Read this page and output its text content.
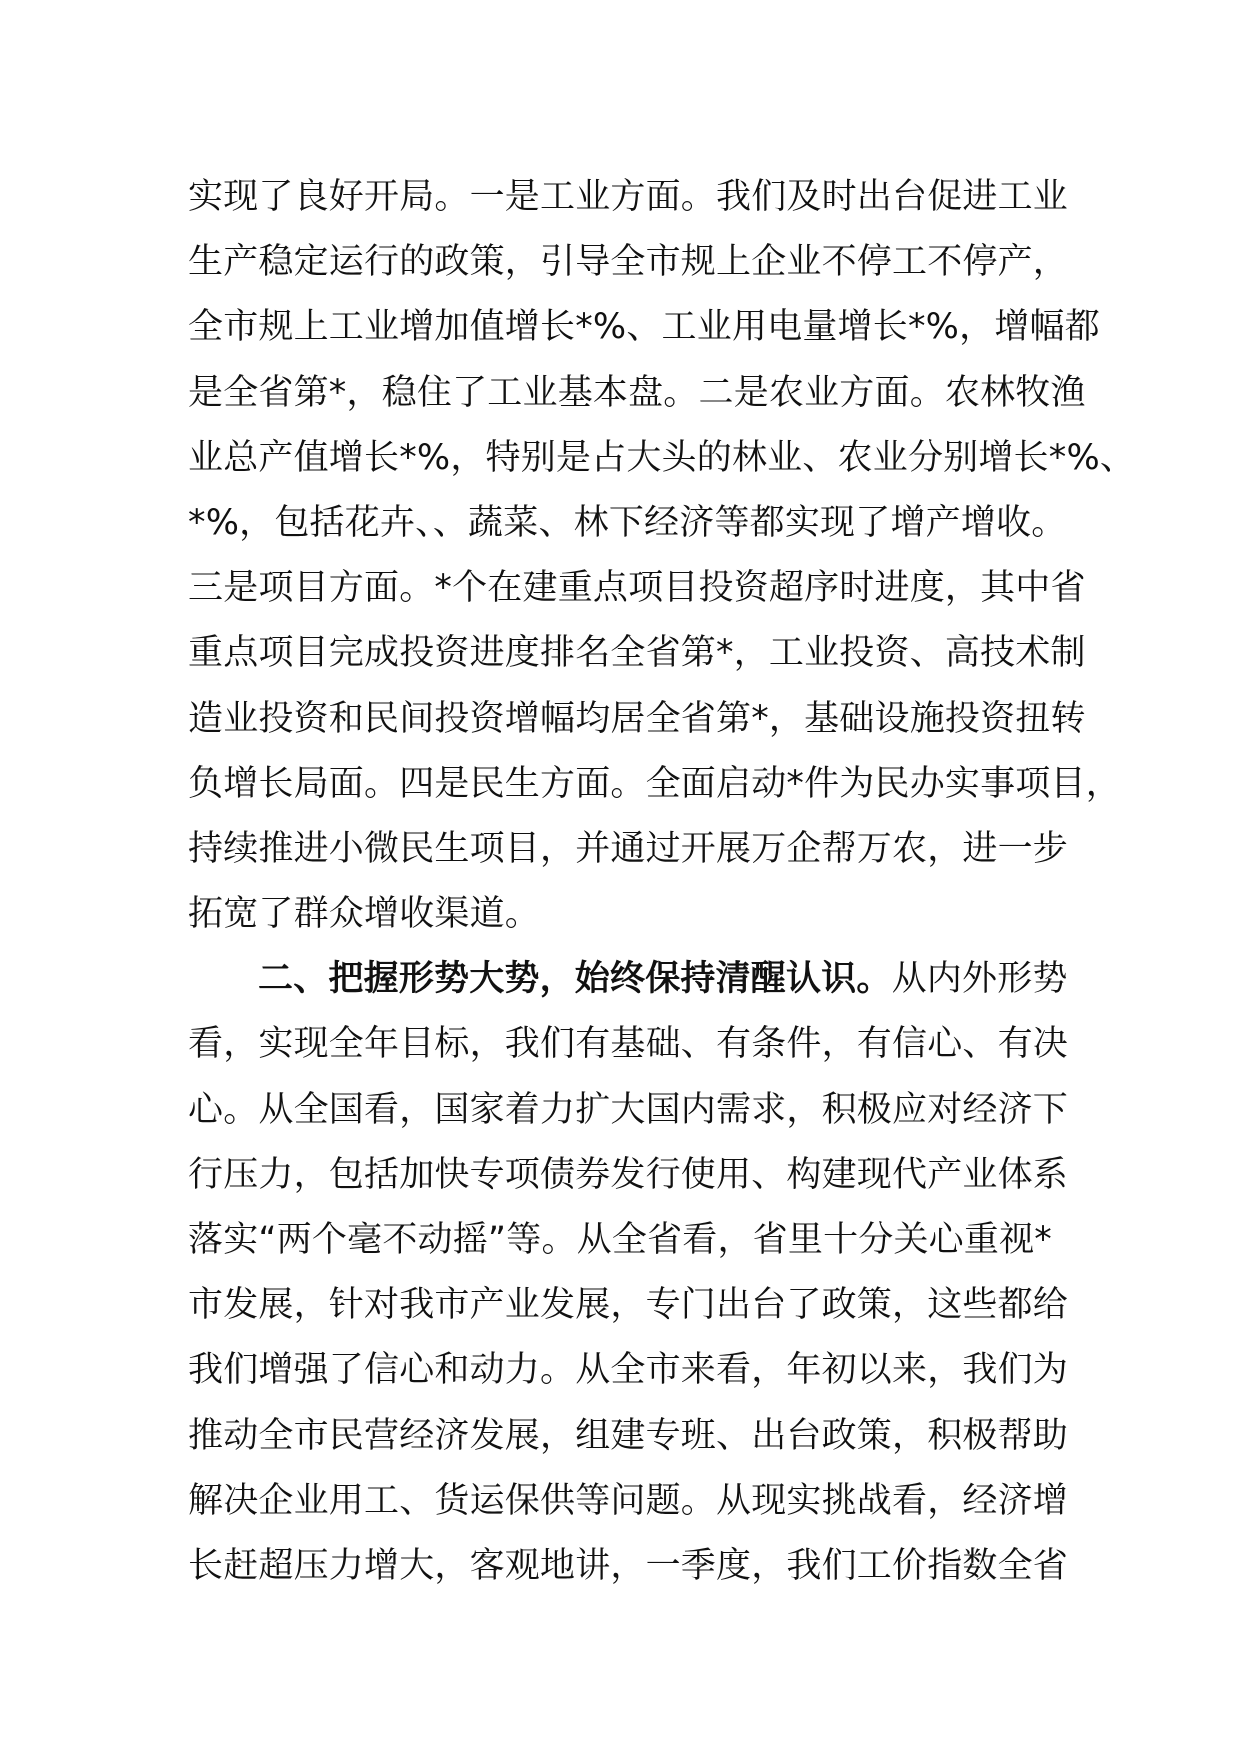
实现了良好开局。一是工业方面。我们及时出台促进工业
生产稳定运行的政策，引导全市规上企业不停工不停产，
全市规上工业增加值增长*%、工业用电量增长*%，增幅都
是全省第*，稳住了工业基本盘。二是农业方面。农林牧渔
业总产值增长*%，特别是占大头的林业、农业分别增长*%、
*%，包括花卉、、蔬菜、林下经济等都实现了增产增收。
三是项目方面。*个在建重点项目投资超序时进度，其中省
重点项目完成投资进度排名全省第*，工业投资、高技术制
造业投资和民间投资增幅均居全省第*，基础设施投资扭转
负增长局面。四是民生方面。全面启动*件为民办实事项目，
持续推进小微民生项目，并通过开展万企帮万农，进一步
拓宽了群众增收渠道。
二、把握形势大势，始终保持清醒认识。从内外形势
看，实现全年目标，我们有基础、有条件，有信心、有决
心。从全国看，国家着力扩大国内需求，积极应对经济下
行压力，包括加快专项债券发行使用、构建现代产业体系
落实“两个毫不动摇”等。从全省看，省里十分关心重视*
市发展，针对我市产业发展，专门出台了政策，这些都给
我们增强了信心和动力。从全市来看，年初以来，我们为
推动全市民营经济发展，组建专班、出台政策，积极帮助
解决企业用工、货运保供等问题。从现实挑战看，经济增
长赶超压力增大，客观地讲，一季度，我们工价指数全省
